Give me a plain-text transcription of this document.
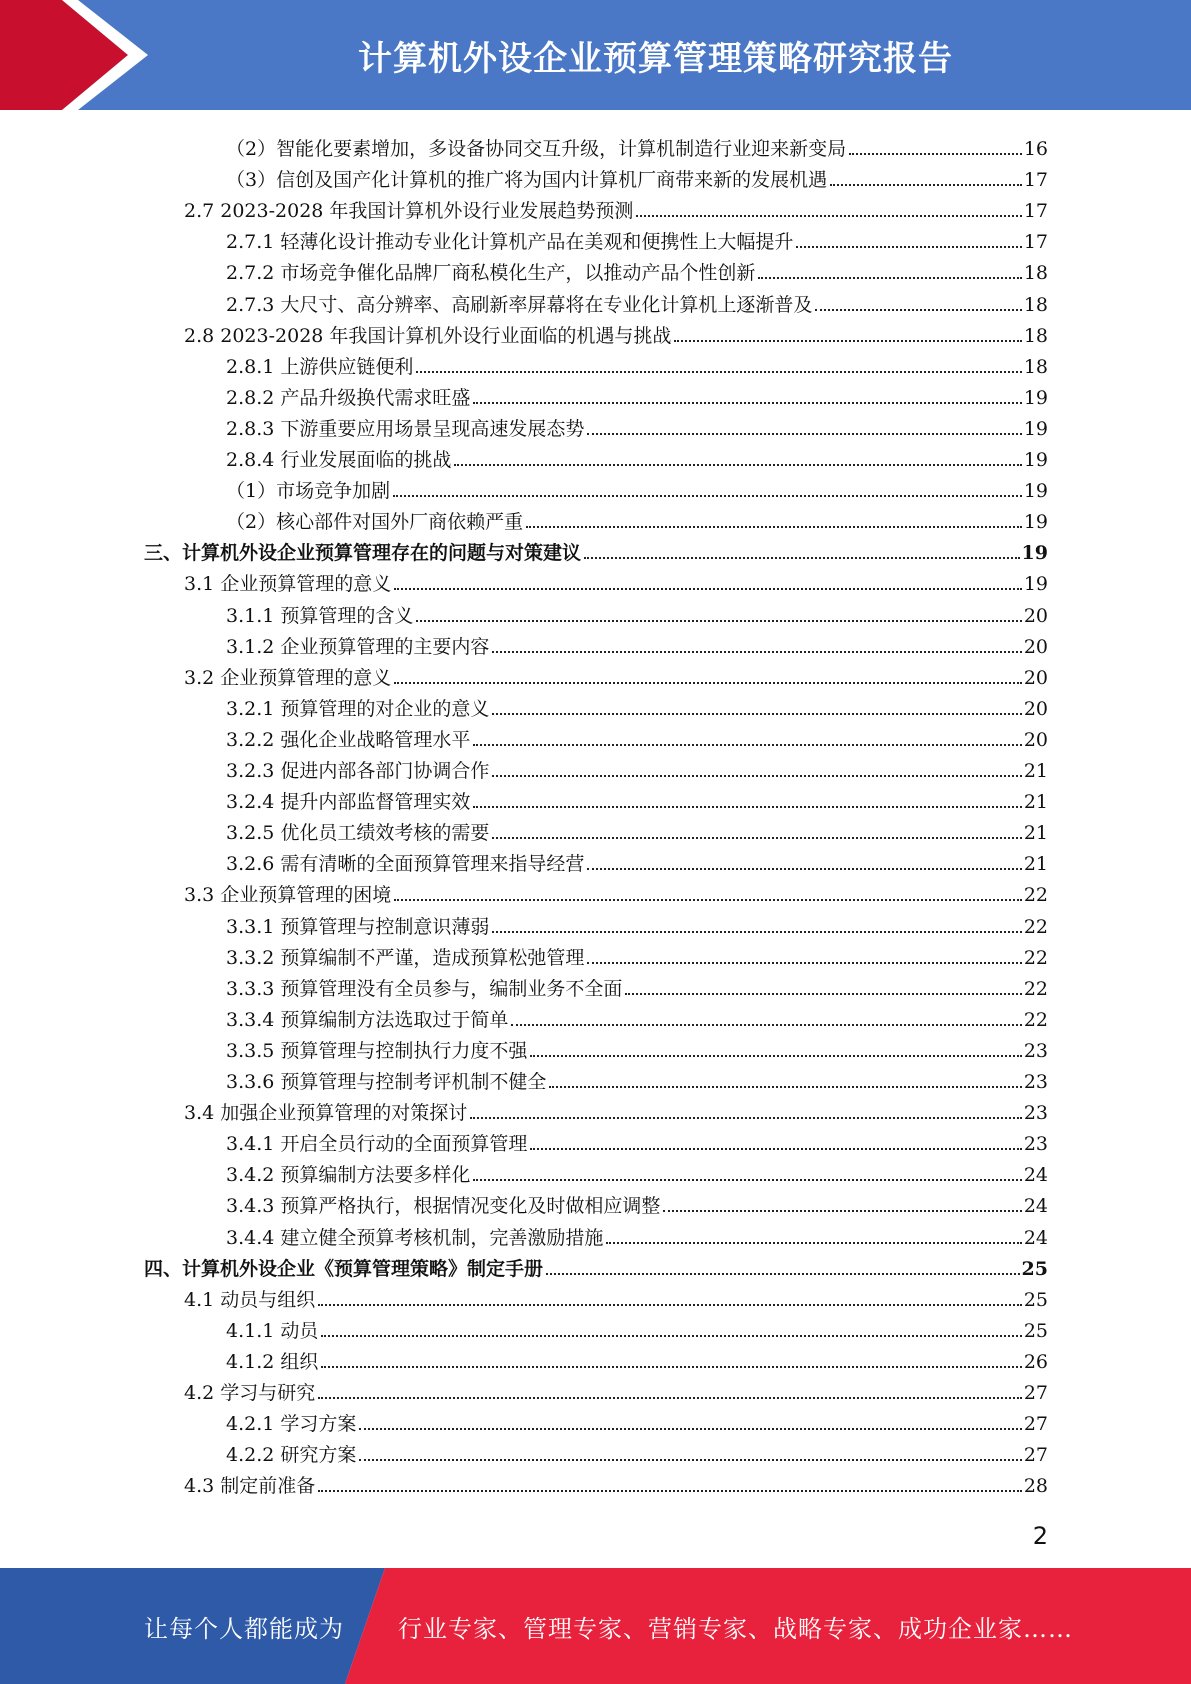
计算机外设企业预算管理策略研究报告
（2）智能化要素增加，多设备协同交互升级，计算机制造行业迎来新变局	16
（3）信创及国产化计算机的推广将为国内计算机厂商带来新的发展机遇	17
2.7 2023-2028 年我国计算机外设行业发展趋势预测	17
2.7.1 轻薄化设计推动专业化计算机产品在美观和便携性上大幅提升	17
2.7.2 市场竞争催化品牌厂商私模化生产，以推动产品个性创新	18
2.7.3 大尺寸、高分辨率、高刷新率屏幕将在专业化计算机上逐渐普及	18
2.8 2023-2028 年我国计算机外设行业面临的机遇与挑战	18
2.8.1 上游供应链便利	18
2.8.2 产品升级换代需求旺盛	19
2.8.3 下游重要应用场景呈现高速发展态势	19
2.8.4 行业发展面临的挑战	19
（1）市场竞争加剧	19
（2）核心部件对国外厂商依赖严重	19
三、计算机外设企业预算管理存在的问题与对策建议	19
3.1 企业预算管理的意义	19
3.1.1 预算管理的含义	20
3.1.2 企业预算管理的主要内容	20
3.2 企业预算管理的意义	20
3.2.1 预算管理的对企业的意义	20
3.2.2 强化企业战略管理水平	20
3.2.3 促进内部各部门协调合作	21
3.2.4 提升内部监督管理实效	21
3.2.5 优化员工绩效考核的需要	21
3.2.6 需有清晰的全面预算管理来指导经营	21
3.3 企业预算管理的困境	22
3.3.1 预算管理与控制意识薄弱	22
3.3.2 预算编制不严谨，造成预算松弛管理	22
3.3.3 预算管理没有全员参与，编制业务不全面	22
3.3.4 预算编制方法选取过于简单	22
3.3.5 预算管理与控制执行力度不强	23
3.3.6 预算管理与控制考评机制不健全	23
3.4 加强企业预算管理的对策探讨	23
3.4.1 开启全员行动的全面预算管理	23
3.4.2 预算编制方法要多样化	24
3.4.3 预算严格执行，根据情况变化及时做相应调整	24
3.4.4 建立健全预算考核机制，完善激励措施	24
四、计算机外设企业《预算管理策略》制定手册	25
4.1 动员与组织	25
4.1.1 动员	25
4.1.2 组织	26
4.2 学习与研究	27
4.2.1 学习方案	27
4.2.2 研究方案	27
4.3 制定前准备	28
2
让每个人都能成为 行业专家、管理专家、营销专家、战略专家、成功企业家……
